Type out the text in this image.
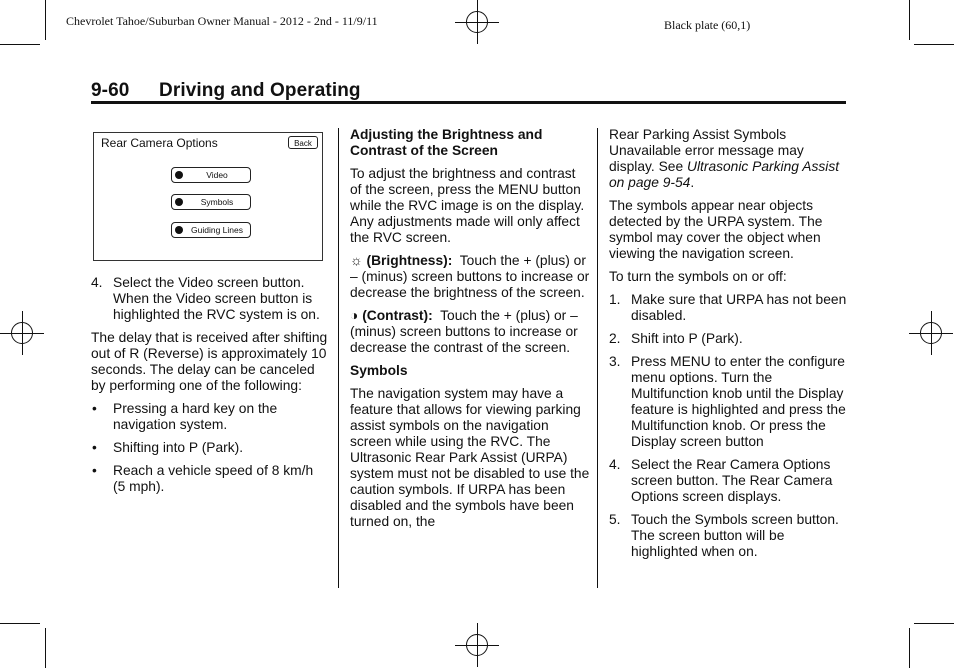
Chevrolet Tahoe/Suburban Owner Manual - 2012 - 2nd - 11/9/11	Black plate (60,1)
9-60 Driving and Operating
Rear Camera Options	Back
Video
Symbols
Guiding Lines
4. Select the Video screen button. When the Video screen button is highlighted the RVC system is on.

The delay that is received after shifting out of R (Reverse) is approximately 10 seconds. The delay can be canceled by performing one of the following:

• Pressing a hard key on the navigation system.
• Shifting into P (Park).
• Reach a vehicle speed of 8 km/h (5 mph).

Adjusting the Brightness and Contrast of the Screen

To adjust the brightness and contrast of the screen, press the MENU button while the RVC image is on the display. Any adjustments made will only affect the RVC screen.

☼ (Brightness): Touch the + (plus) or – (minus) screen buttons to increase or decrease the brightness of the screen.

◑ (Contrast): Touch the + (plus) or – (minus) screen buttons to increase or decrease the contrast of the screen.

Symbols

The navigation system may have a feature that allows for viewing parking assist symbols on the navigation screen while using the RVC. The Ultrasonic Rear Park Assist (URPA) system must not be disabled to use the caution symbols. If URPA has been disabled and the symbols have been turned on, the

Rear Parking Assist Symbols Unavailable error message may display. See Ultrasonic Parking Assist on page 9-54.

The symbols appear near objects detected by the URPA system. The symbol may cover the object when viewing the navigation screen.

To turn the symbols on or off:

1. Make sure that URPA has not been disabled.
2. Shift into P (Park).
3. Press MENU to enter the configure menu options. Turn the Multifunction knob until the Display feature is highlighted and press the Multifunction knob. Or press the Display screen button
4. Select the Rear Camera Options screen button. The Rear Camera Options screen displays.
5. Touch the Symbols screen button. The screen button will be highlighted when on.
